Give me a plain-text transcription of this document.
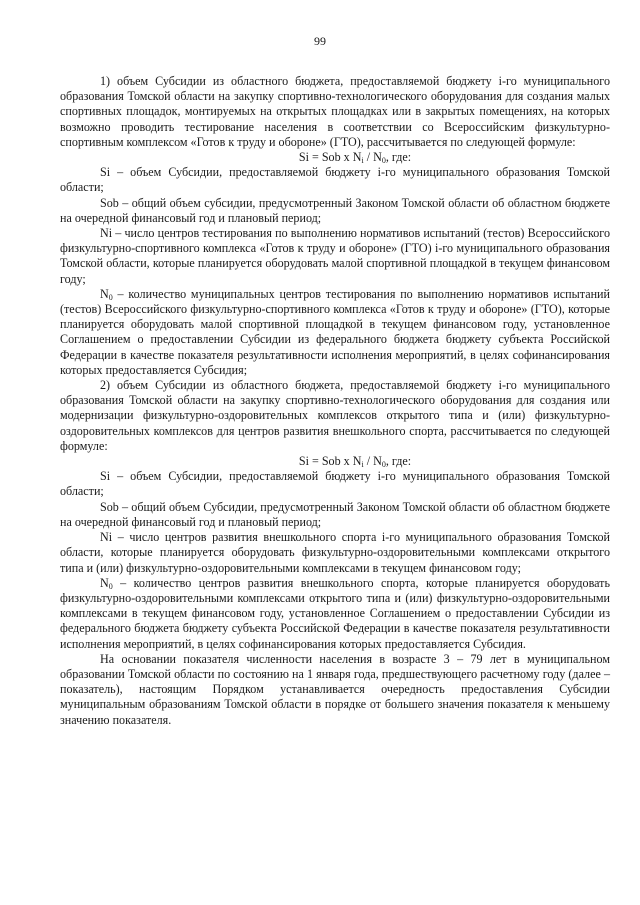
99

1) объем Субсидии из областного бюджета, предоставляемой бюджету i-го муниципального образования Томской области на закупку спортивно-технологического оборудования для создания малых спортивных площадок, монтируемых на открытых площадках или в закрытых помещениях, на которых возможно проводить тестирование населения в соответствии со Всероссийским физкультурно-спортивным комплексом «Готов к труду и обороне» (ГТО), рассчитывается по следующей формуле:

Si = Sob x $N_i / N_0$, где:

Si – объем Субсидии, предоставляемой бюджету i-го муниципального образования Томской области;

Sob – общий объем субсидии, предусмотренный Законом Томской области об областном бюджете на очередной финансовый год и плановый период;

Ni – число центров тестирования по выполнению нормативов испытаний (тестов) Всероссийского физкультурно-спортивного комплекса «Готов к труду и обороне» (ГТО) i-го муниципального образования Томской области, которые планируется оборудовать малой спортивной площадкой в текущем финансовом году;

$N_0$ – количество муниципальных центров тестирования по выполнению нормативов испытаний (тестов) Всероссийского физкультурно-спортивного комплекса «Готов к труду и обороне» (ГТО), которые планируется оборудовать малой спортивной площадкой в текущем финансовом году, установленное Соглашением о предоставлении Субсидии из федерального бюджета бюджету субъекта Российской Федерации в качестве показателя результативности исполнения мероприятий, в целях софинансирования которых предоставляется Субсидия;

2) объем Субсидии из областного бюджета, предоставляемой бюджету i-го муниципального образования Томской области на закупку спортивно-технологического оборудования для создания или модернизации физкультурно-оздоровительных комплексов открытого типа и (или) физкультурно-оздоровительных комплексов для центров развития внешкольного спорта, рассчитывается по следующей формуле:

Si = Sob x $N_i / N_0$, где:

Si – объем Субсидии, предоставляемой бюджету i-го муниципального образования Томской области;

Sob – общий объем Субсидии, предусмотренный Законом Томской области об областном бюджете на очередной финансовый год и плановый период;

Ni – число центров развития внешкольного спорта i-го муниципального образования Томской области, которые планируется оборудовать физкультурно-оздоровительными комплексами открытого типа и (или) физкультурно-оздоровительными комплексами в текущем финансовом году;

$N_0$ – количество центров развития внешкольного спорта, которые планируется оборудовать физкультурно-оздоровительными комплексами открытого типа и (или) физкультурно-оздоровительными комплексами в текущем финансовом году, установленное Соглашением о предоставлении Субсидии из федерального бюджета бюджету субъекта Российской Федерации в качестве показателя результативности исполнения мероприятий, в целях софинансирования которых предоставляется Субсидия.

На основании показателя численности населения в возрасте 3 – 79 лет в муниципальном образовании Томской области по состоянию на 1 января года, предшествующего расчетному году (далее – показатель), настоящим Порядком устанавливается очередность предоставления Субсидии муниципальным образованиям Томской области в порядке от большего значения показателя к меньшему значению показателя.
